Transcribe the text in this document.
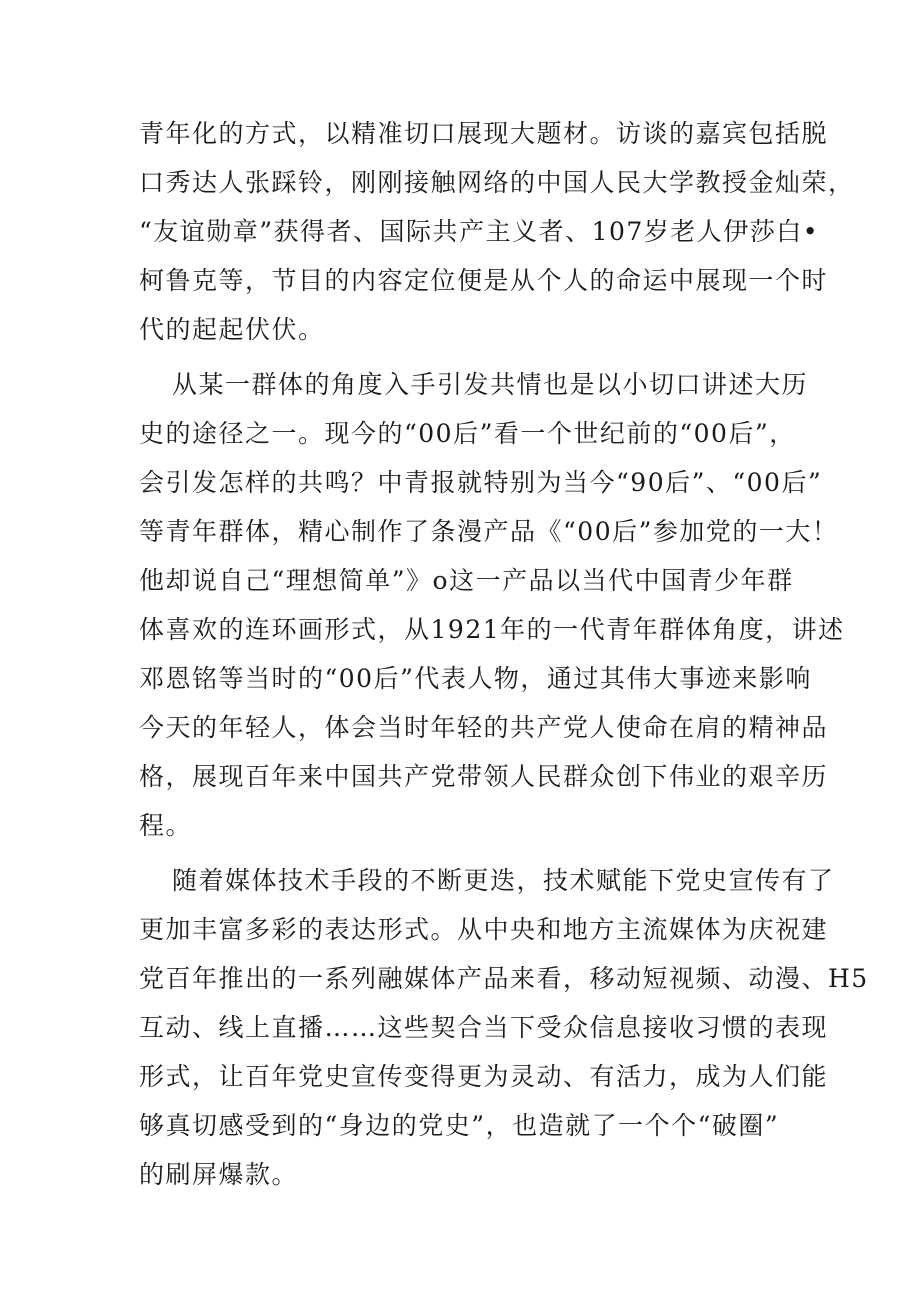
青年化的方式，以精准切口展现大题材。访谈的嘉宾包括脱
口秀达人张踩铃，刚刚接触网络的中国人民大学教授金灿荣，
“友谊勋章”获得者、国际共产主义者、107岁老人伊莎白•
柯鲁克等，节目的内容定位便是从个人的命运中展现一个时
代的起起伏伏。
从某一群体的角度入手引发共情也是以小切口讲述大历
史的途径之一。现今的“00后”看一个世纪前的“00后”，
会引发怎样的共鸣？中青报就特别为当今“90后”、“00后”
等青年群体，精心制作了条漫产品《“00后”参加党的一大！
他却说自己“理想简单”》o这一产品以当代中国青少年群
体喜欢的连环画形式，从1921年的一代青年群体角度，讲述
邓恩铭等当时的“00后”代表人物，通过其伟大事迹来影响
今天的年轻人，体会当时年轻的共产党人使命在肩的精神品
格，展现百年来中国共产党带领人民群众创下伟业的艰辛历
程。
随着媒体技术手段的不断更迭，技术赋能下党史宣传有了
更加丰富多彩的表达形式。从中央和地方主流媒体为庆祝建
党百年推出的一系列融媒体产品来看，移动短视频、动漫、H5
互动、线上直播……这些契合当下受众信息接收习惯的表现
形式，让百年党史宣传变得更为灵动、有活力，成为人们能
够真切感受到的“身边的党史”，也造就了一个个“破圈”
的刷屏爆款。
